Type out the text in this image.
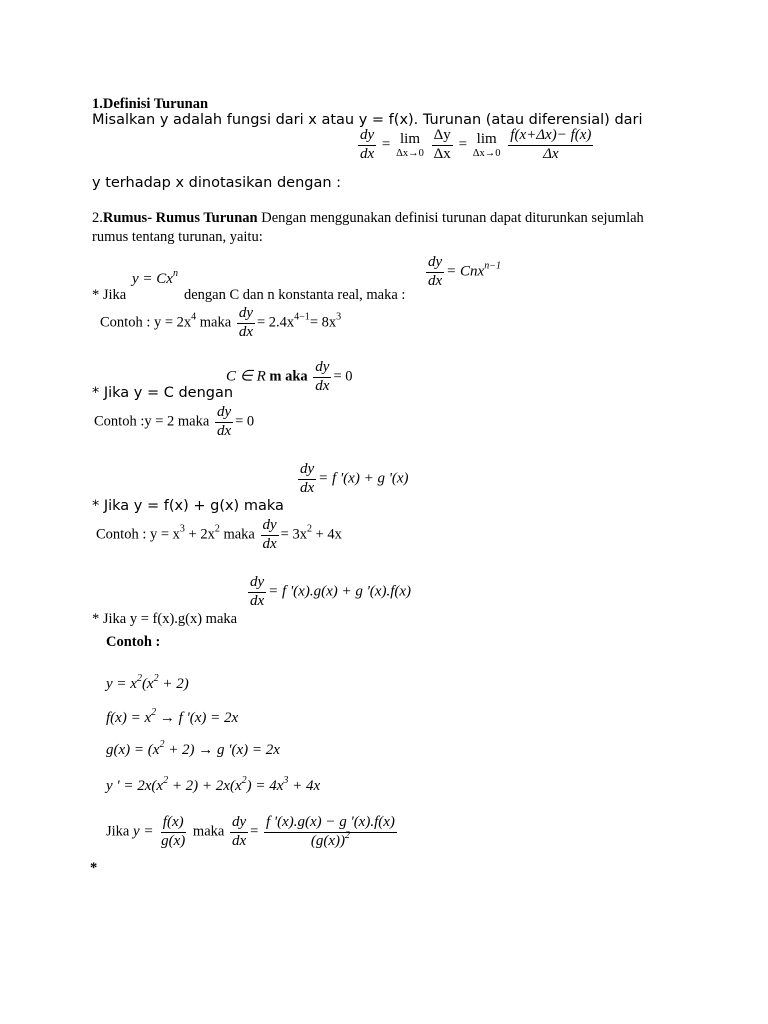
1.Definisi Turunan
Misalkan y adalah fungsi dari x atau y = f(x). Turunan (atau diferensial) dari
$\frac{dy}{dx} = \lim$
Δx→0
$\frac{\Delta y}{\Delta x} = \lim$
Δx→0
$\frac{f(x+\Delta x)- f(x)}{\Delta x}$
y terhadap x dinotasikan dengan :
2.Rumus- Rumus Turunan Dengan menggunakan definisi turunan dapat diturunkan sejumlah
rumus tentang turunan, yaitu:
$y = Cx^n$	$\frac{dy}{dx} = Cnx^{n-1}$
* Jika	dengan C dan n konstanta real, maka :
Contoh : $y = 2x^4$ maka $\frac{dy}{dx} = 2.4x^{4-1}= 8x^3$
C ∈ R m aka $\frac{dy}{dx} = 0$
* Jika y = C dengan
Contoh :y = 2 maka $\frac{dy}{dx} = 0$
$\frac{dy}{dx} = f$ '(x) + g '(x)
* Jika y = f(x) + g(x) maka
Contoh : $y = x^3 + 2x^2$ maka $\frac{dy}{dx} = 3x^2 + 4x$
$\frac{dy}{dx} = f$ '(x).g(x) + g '(x).f(x)
* Jika y = f(x).g(x) maka
Contoh :
$y = x^2(x^2 + 2)$
$f(x) = x^2 \to f$ '(x) = 2x
$g(x) = (x^2 + 2) \to g$ '(x) = 2x
y ' = $2x(x^2 + 2) + 2x(x^2) = 4x^3 + 4x$
Jika $y = \frac{f(x)}{g(x)}$ maka $\frac{dy}{dx} = \frac{f '(x).g(x) - g '(x).f(x)}{(g(x))^2}$
*
